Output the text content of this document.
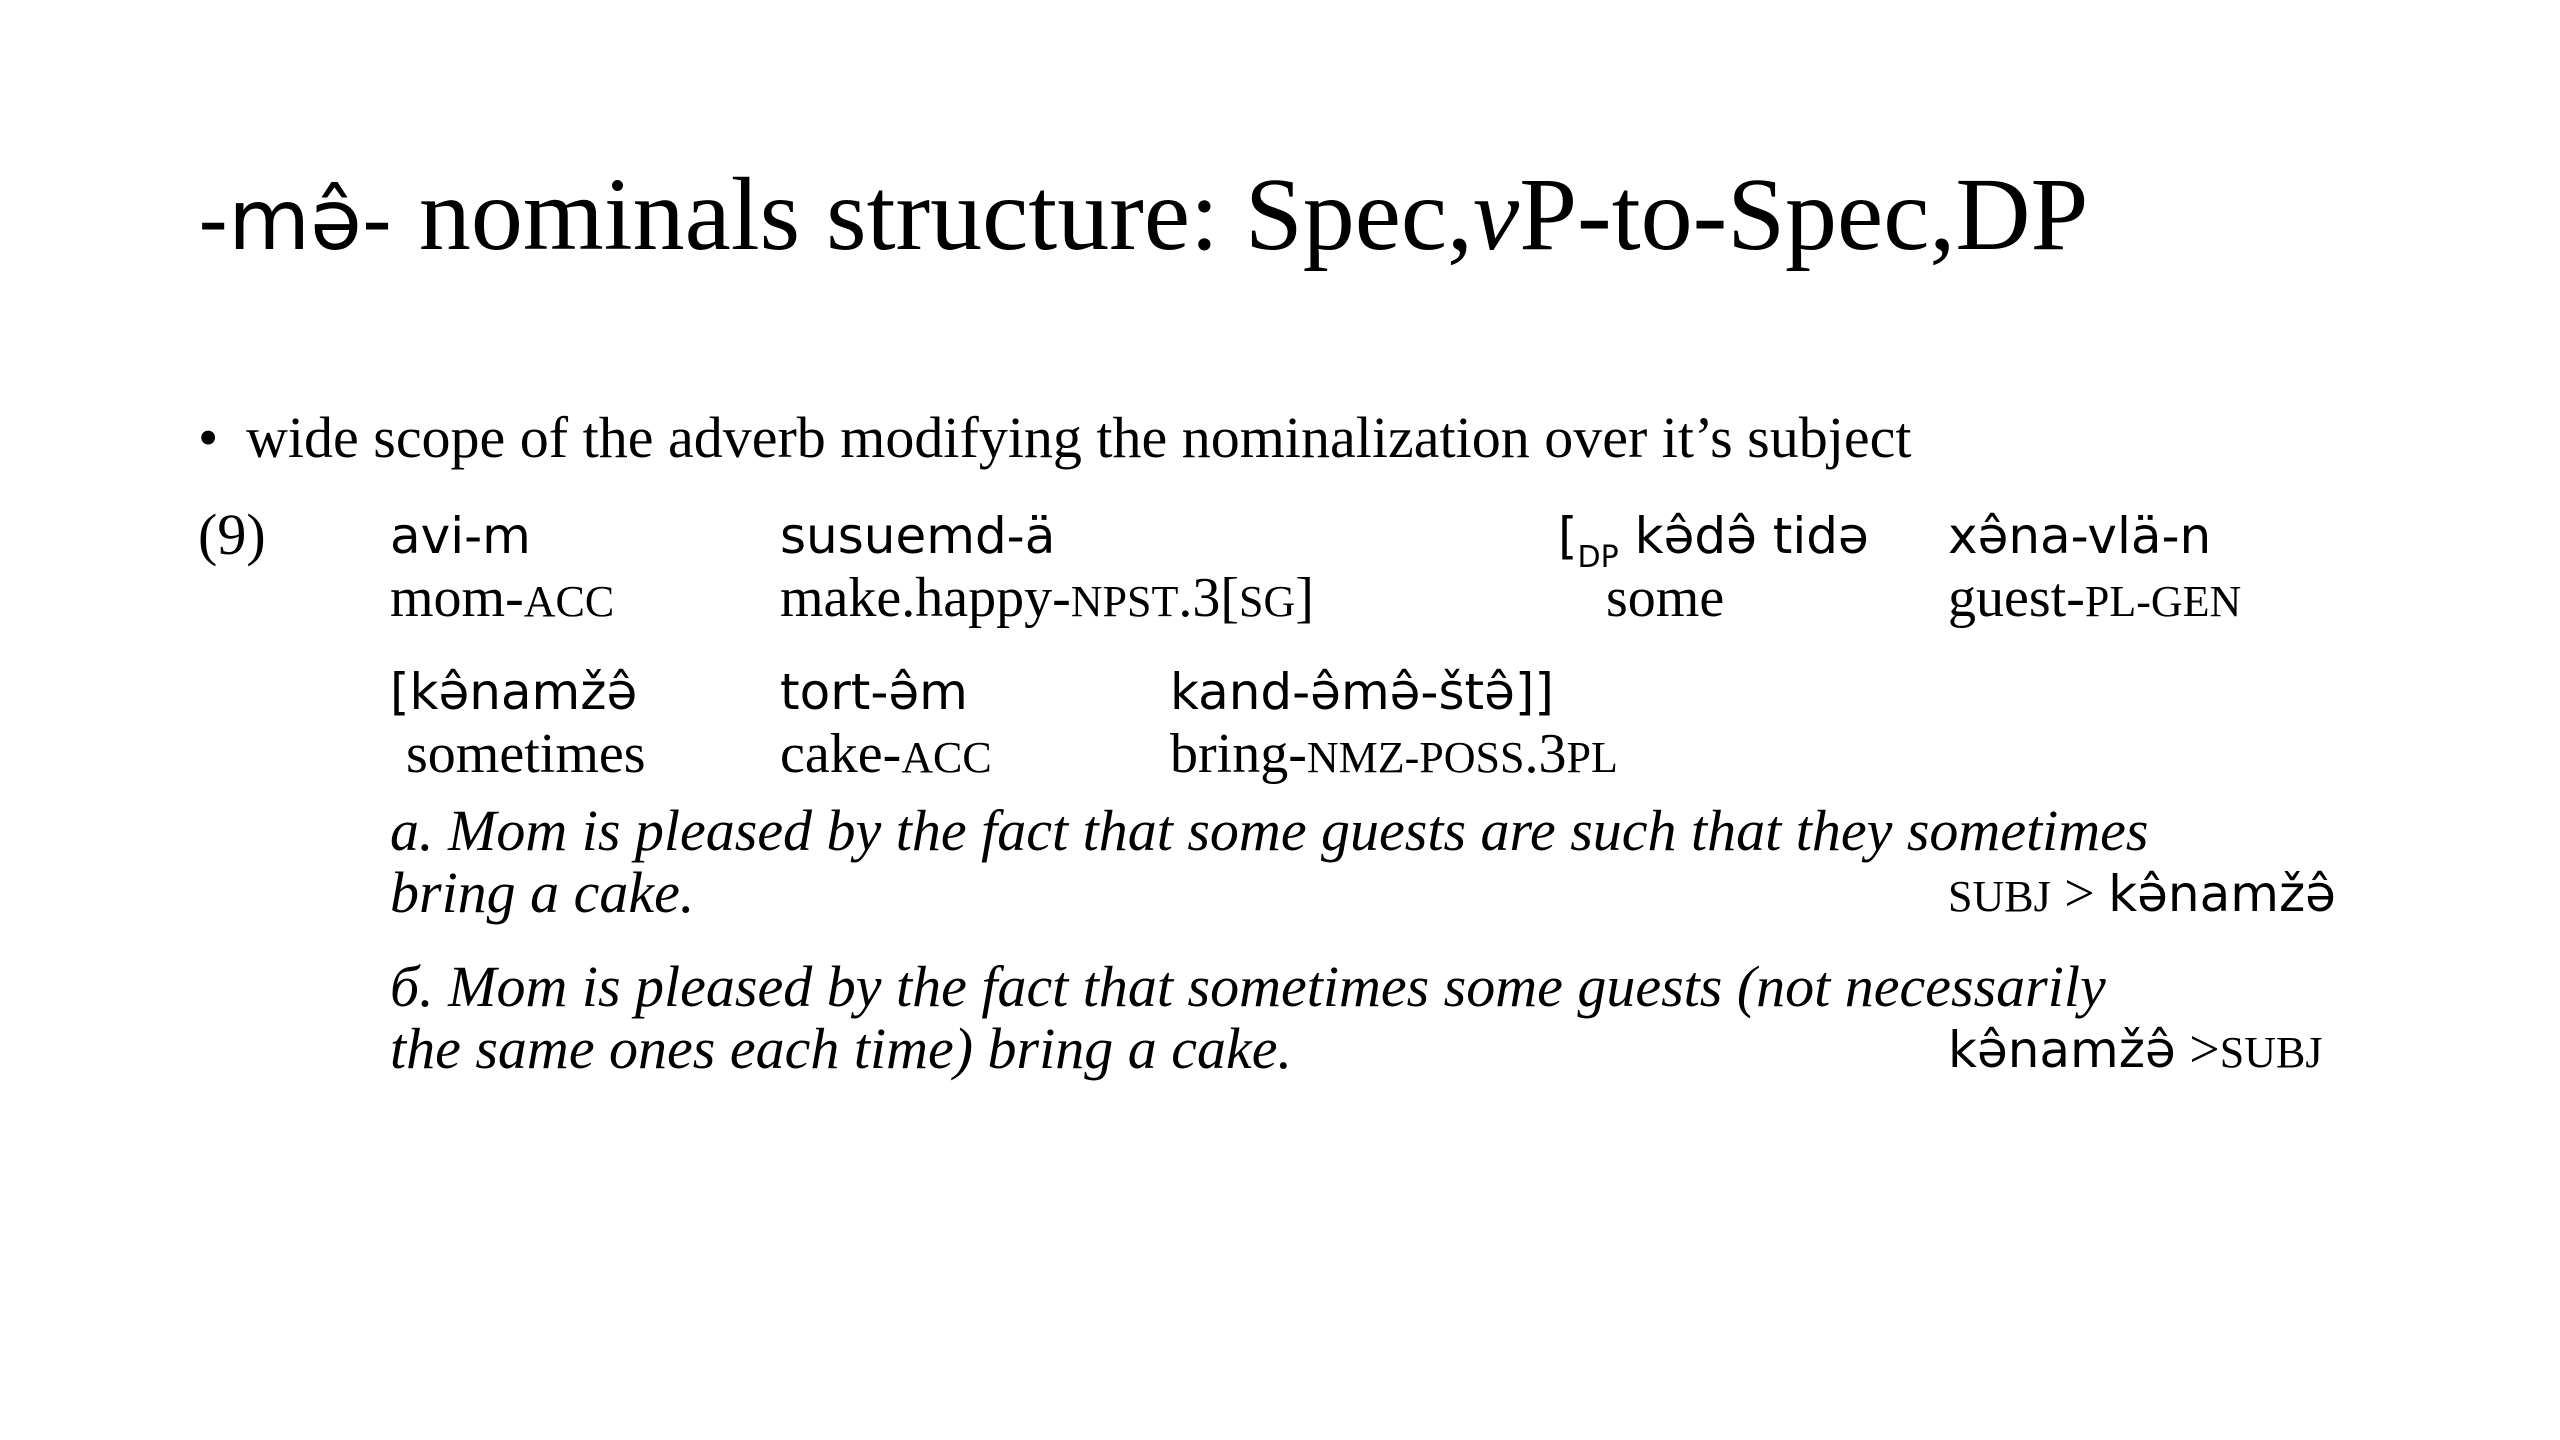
-mə̂- nominals structure: Spec,vP-to-Spec,DP
• wide scope of the adverb modifying the nominalization over it’s subject
(9) avi-m
mom-ACC
susuemd-ä
make.happy-NPST.3[SG]
[$_{DP}$ kə̂də̂ tidə
some
xə̂na-vlä-n
guest-PL-GEN
[kə̂namžə̂
sometimes
tort-ə̂m
cake-ACC
kand-ə̂mə̂-štə̂]]
bring-NMZ-POSS.3PL
a. Mom is pleased by the fact that some guests are such that they sometimes
bring a cake.	SUBJ > kə̂namžə̂
б. Mom is pleased by the fact that sometimes some guests (not necessarily
the same ones each time) bring a cake.	kə̂namžə̂ >SUBJ
